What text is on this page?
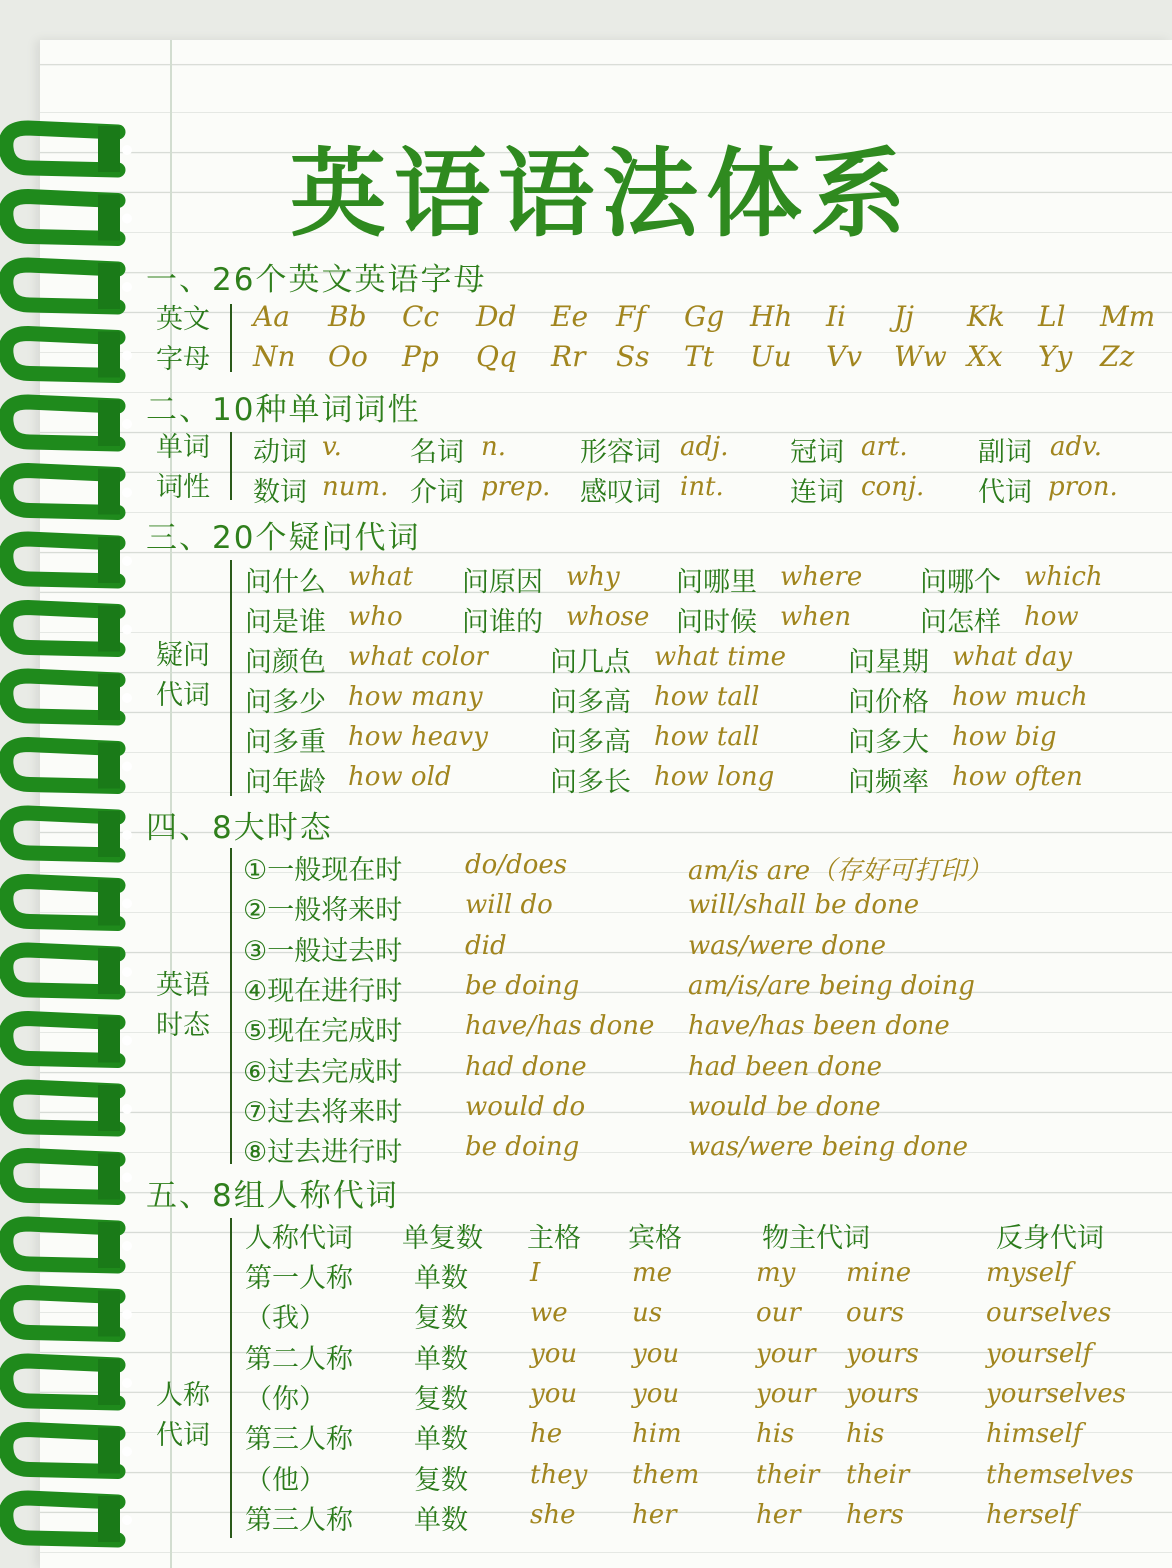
英语语法体系
一、26个英文英语字母
英文字母
Aa Bb Cc Dd Ee Ff Gg Hh Ii Jj Kk Ll Mm
Nn Oo Pp Qq Rr Ss Tt Uu Vv Ww Xx Yy Zz
二、10种单词词性
单词词性
动词 v.	名词 n.	形容词 adj. 冠词 art.	副词 adv.
数词 num. 介词 prep. 感叹词 int. 连词 conj. 代词 pron.
三、20个疑问代词
疑问代词
问什么 what 问原因 why 问哪里 where 问哪个 which
问是谁 who 问谁的 whose 问时候 when	问怎样 how
问颜色 what color 问几点 what time 问星期 what day
问多少 how many 问多高 how tall	问价格 how much
问多重 how heavy 问多高 how tall	问多大 how big
问年龄 how old	问多长 how long	问频率 how often
四、8大时态
英语时态
①一般现在时 do/does	am/is are（存好可打印）
②一般将来时 will do	will/shall be done
③一般过去时 did	was/were done
④现在进行时 be doing	am/is/are being doing
⑤现在完成时 have/has done have/has been done
⑥过去完成时 had done	had been done
⑦过去将来时 would do	would be done
⑧过去进行时 be doing	was/were being done
五、8组人称代词
人称代词
人称代词 单复数 主格 宾格	物主代词	反身代词
第一人称 单数 I	me	my mine	myself
（我）	复数 we us	our ours	ourselves
第二人称 单数 you you	your yours	yourself
（你）	复数 you you	your yours	yourselves
第三人称 单数 he	him	his his	himself
（他）	复数 they them their their	themselves
第三人称 单数 she her	her hers	herself
